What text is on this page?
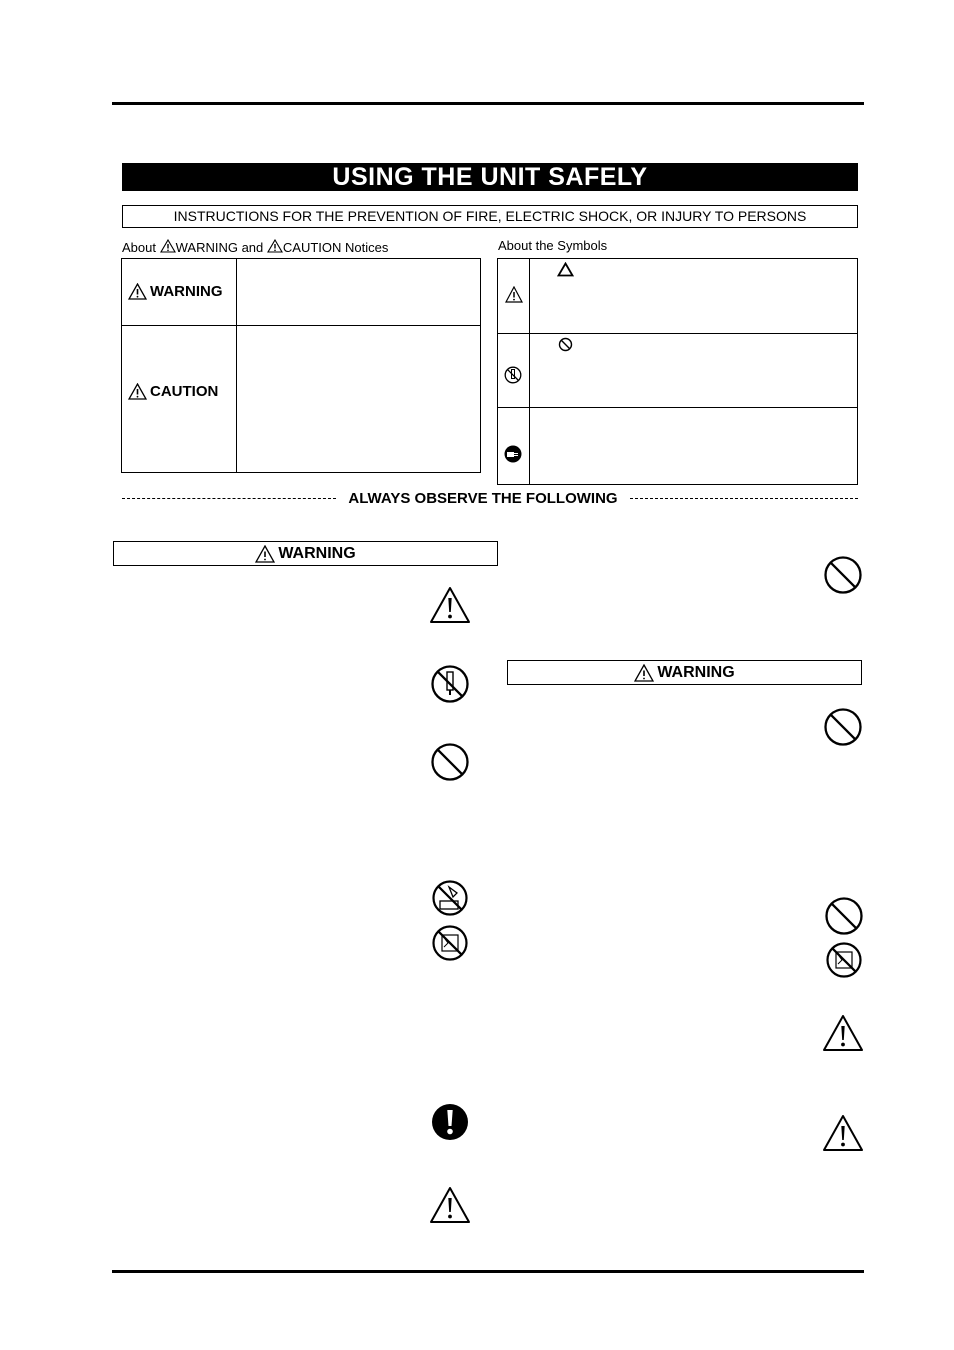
USING THE UNIT SAFELY
INSTRUCTIONS FOR THE PREVENTION OF FIRE, ELECTRIC SHOCK, OR INJURY TO PERSONS
About WARNING and CAUTION Notices	About the Symbols
WARNING
CAUTION
ALWAYS OBSERVE THE FOLLOWING
WARNING
WARNING
